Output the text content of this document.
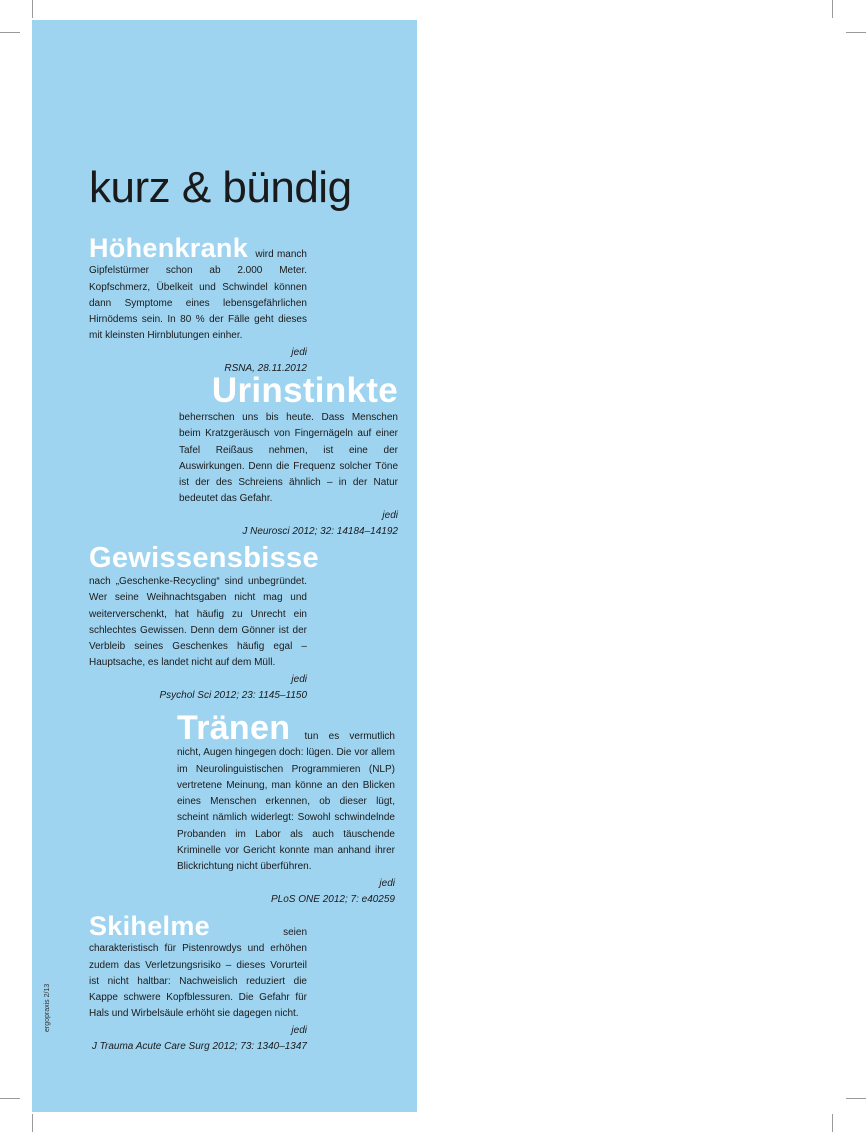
kurz & bündig
ergopraxis 2/13
Höhenkrank wird manch Gipfelstürmer schon ab 2.000 Meter. Kopfschmerz, Übelkeit und Schwindel können dann Symptome eines lebensgefährlichen Hirnödems sein. In 80 % der Fälle geht dieses mit kleinsten Hirnblutungen einher.
jedi
RSNA, 28.11.2012
Urinstinkte
beherrschen uns bis heute. Dass Menschen beim Kratzgeräusch von Fingernägeln auf einer Tafel Reißaus nehmen, ist eine der Auswirkungen. Denn die Frequenz solcher Töne ist der des Schreiens ähnlich – in der Natur bedeutet das Gefahr.
jedi
J Neurosci 2012; 32: 14184–14192
Gewissensbisse
nach „Geschenke-Recycling“ sind unbegründet. Wer seine Weihnachtsgaben nicht mag und weiterverschenkt, hat häufig zu Unrecht ein schlechtes Gewissen. Denn dem Gönner ist der Verbleib seines Geschenkes häufig egal – Hauptsache, es landet nicht auf dem Müll.
jedi
Psychol Sci 2012; 23: 1145–1150
Tränen tun es vermutlich nicht, Augen hingegen doch: lügen. Die vor allem im Neurolinguistischen Programmieren (NLP) vertretene Meinung, man könne an den Blicken eines Menschen erkennen, ob dieser lügt, scheint nämlich widerlegt: Sowohl schwindelnde Probanden im Labor als auch täuschende Kriminelle vor Gericht konnte man anhand ihrer Blickrichtung nicht überführen.
jedi
PLoS ONE 2012; 7: e40259
Skihelme	seien charakteristisch für Pistenrowdys und erhöhen zudem das Verletzungsrisiko – dieses Vorurteil ist nicht haltbar: Nachweislich reduziert die Kappe schwere Kopfblessuren. Die Gefahr für Hals und Wirbelsäule erhöht sie dagegen nicht.
jedi
J Trauma Acute Care Surg 2012; 73: 1340–1347
